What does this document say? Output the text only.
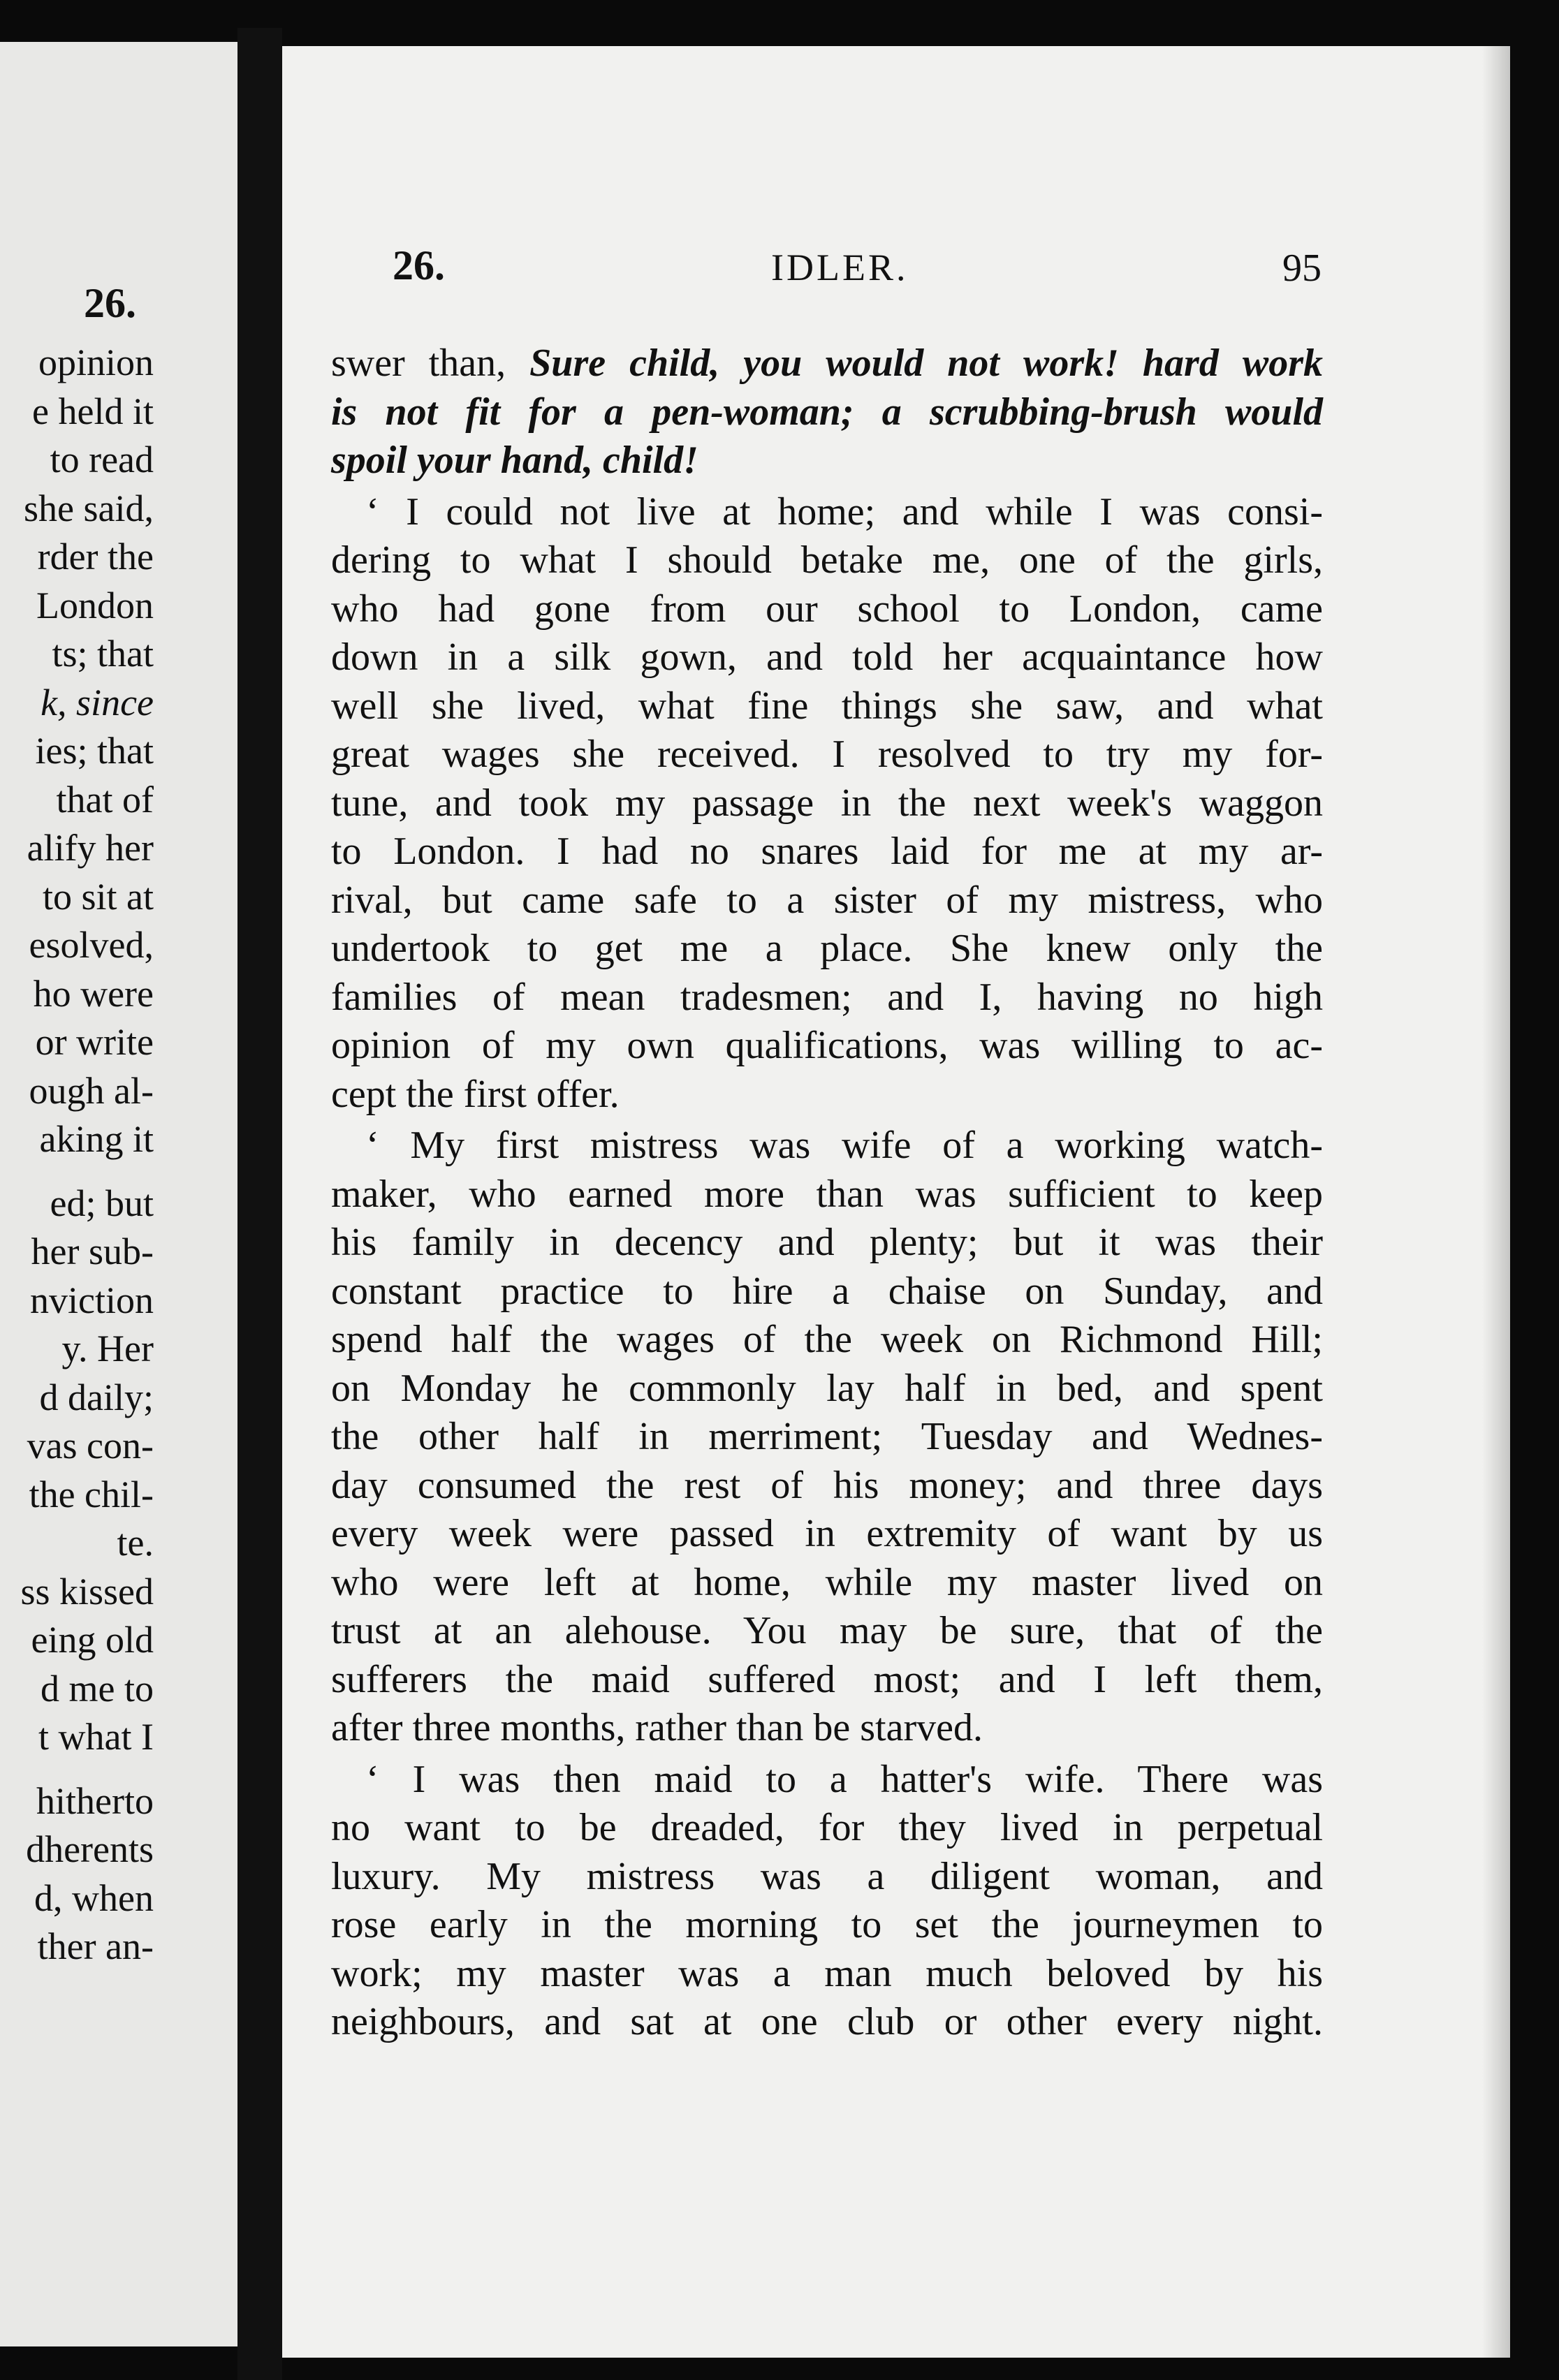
26.
opinion
e held it
to read
she said,
rder the
London
ts; that
k, since
ies; that
that of
alify her
to sit at
esolved,
ho were
or write
ough al-
aking it
ed; but
her sub-
nviction
y. Her
d daily;
vas con-
the chil-
te.
ss kissed
eing old
d me to
t what I
hitherto
dherents
d, when
ther an-
26.	IDLER.	95
swer than, Sure child, you would not work! hard work
is not fit for a pen-woman; a scrubbing-brush would
spoil your hand, child!
‘ I could not live at home; and while I was consi-
dering to what I should betake me, one of the girls,
who had gone from our school to London, came
down in a silk gown, and told her acquaintance how
well she lived, what fine things she saw, and what
great wages she received. I resolved to try my for-
tune, and took my passage in the next week's waggon
to London. I had no snares laid for me at my ar-
rival, but came safe to a sister of my mistress, who
undertook to get me a place. She knew only the
families of mean tradesmen; and I, having no high
opinion of my own qualifications, was willing to ac-
cept the first offer.
‘ My first mistress was wife of a working watch-
maker, who earned more than was sufficient to keep
his family in decency and plenty; but it was their
constant practice to hire a chaise on Sunday, and
spend half the wages of the week on Richmond Hill;
on Monday he commonly lay half in bed, and spent
the other half in merriment; Tuesday and Wednes-
day consumed the rest of his money; and three days
every week were passed in extremity of want by us
who were left at home, while my master lived on
trust at an alehouse. You may be sure, that of the
sufferers the maid suffered most; and I left them,
after three months, rather than be starved.
‘ I was then maid to a hatter's wife. There was
no want to be dreaded, for they lived in perpetual
luxury. My mistress was a diligent woman, and
rose early in the morning to set the journeymen to
work; my master was a man much beloved by his
neighbours, and sat at one club or other every night.
